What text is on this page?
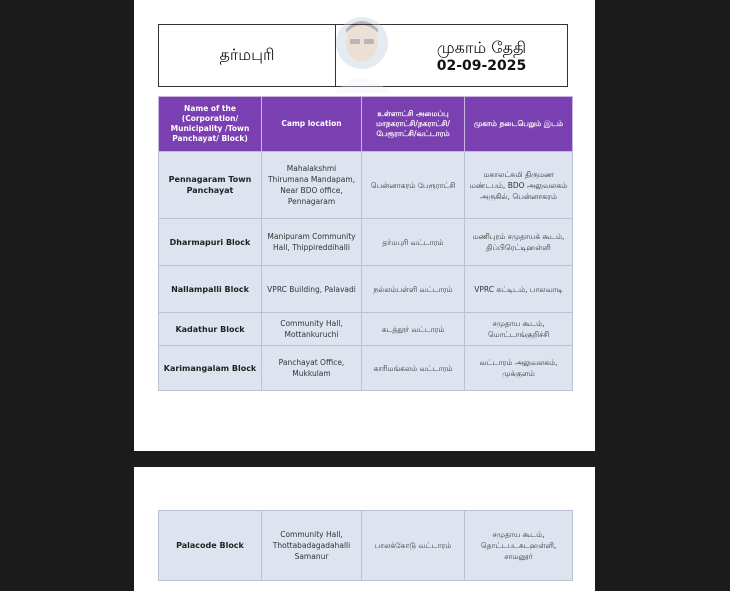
தர்மபுரி	முகாம் தேதி
02-09-2025
Name of the (Corporation/ Municipality /Town Panchayat/ Block)	Camp location	உள்ளாட்சி அமைப்பு மாநகராட்சி/நகராட்சி/ பேரூராட்சி/வட்டாரம்	முகாம் நடைபெறும் இடம்
Pennagaram Town Panchayat	Mahalakshmi Thirumana Mandapam, Near BDO office, Pennagaram	பென்னாகரம் பேரூராட்சி	மகாலட்சுமி திருமண மண்டபம், BDO அலுவலகம் அருகில், பென்னாகரம்
Dharmapuri Block	Manipuram Community Hall, Thippireddihalli	தர்மபுரி வட்டாரம்	மணிபுரம் சமுதாயக் கூடம், திப்பிரெட்டிஹள்ளி
Nallampalli Block	VPRC Building, Palavadi	நல்லம்பள்ளி வட்டாரம்	VPRC கட்டிடம், பாலவாடி
Kadathur Block	Community Hall, Mottankuruchi	கடத்தூர் வட்டாரம்	சமுதாய கூடம், மொட்டாங்குறிச்சி
Karimangalam Block	Panchayat Office, Mukkulam	காரிமங்கலம் வட்டாரம்	வட்டாரம் அலுவலகம், முக்குளம்
Palacode Block	Community Hall, Thottabadagadahalli Samanur	பாலக்கோடு வட்டாரம்	சமுதாய கூடம், தொட்டபடகடஹள்ளி, சாமனூர்
